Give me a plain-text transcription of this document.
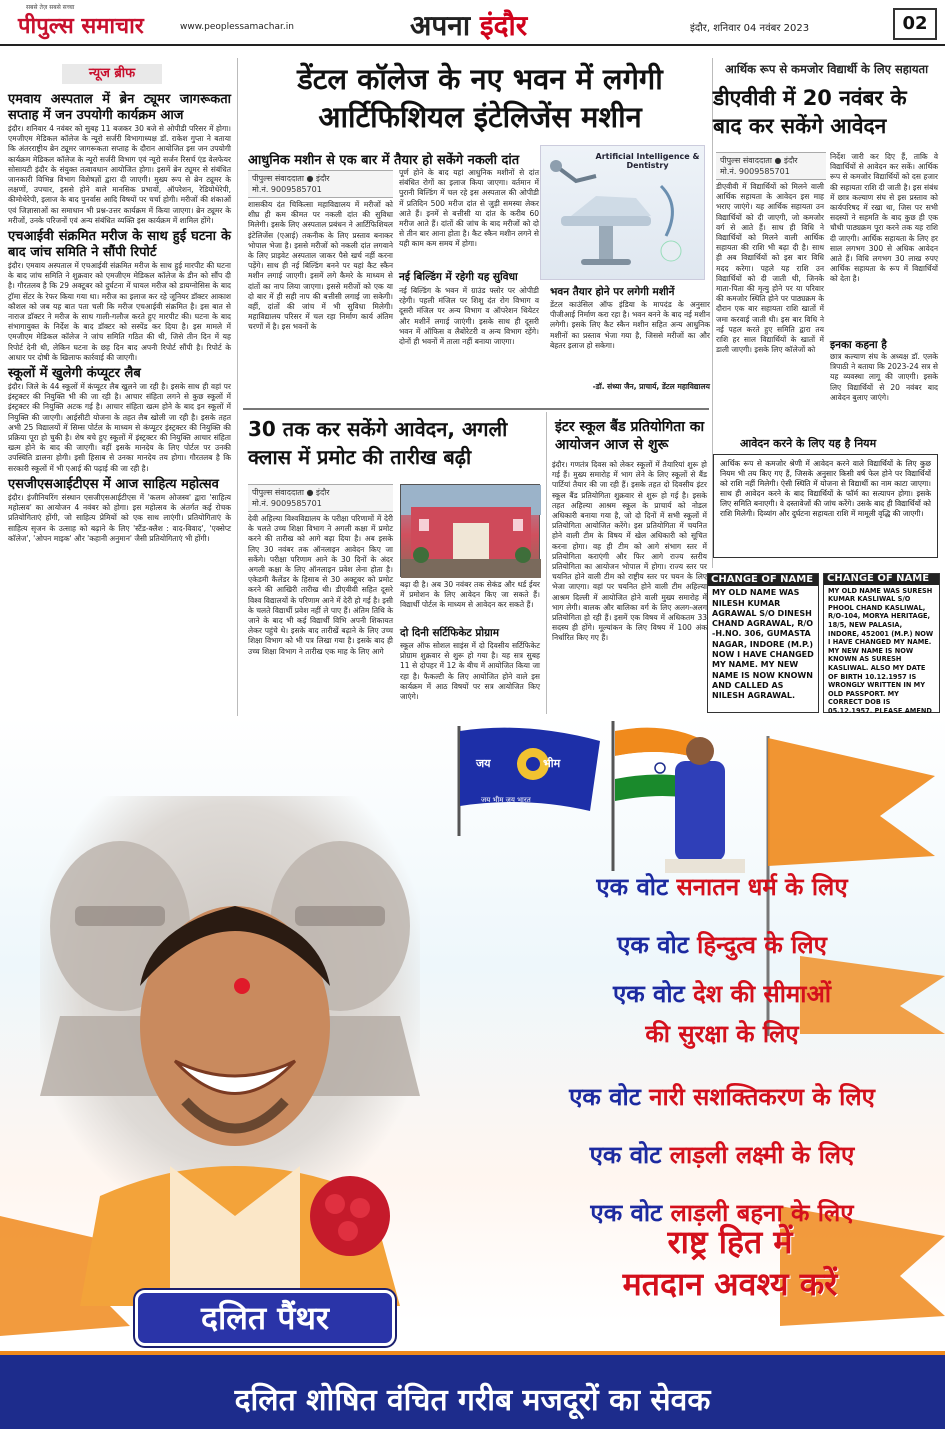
सबसे तेज़ सबसे सच्चा
पीपुल्स समाचार	www.peoplessamachar.in	अपना इंदौर	इंदौर, शनिवार 04 नवंबर 2023	02
न्यूज ब्रीफ
एमवाय अस्पताल में ब्रेन ट्यूमर जागरूकता सप्ताह में जन उपयोगी कार्यक्रम आज

इंदौर। शनिवार 4 नवंबर को सुबह 11 बजकर 30 बजे से ओपीडी परिसर में होगा। एमजीएम मेडिकल कॉलेज के न्यूरो सर्जरी विभागाध्यक्ष डॉ. राकेश गुप्ता ने बताया कि अंतरराष्ट्रीय ब्रेन ट्यूमर जागरूकता सप्ताह के दौरान आयोजित इस जन उपयोगी कार्यक्रम मेडिकल कॉलेज के न्यूरो सर्जरी विभाग एवं न्यूरो सर्जन रिसर्च एंड वेलफेयर सोसायटी इंदौर के संयुक्त तत्वावधान आयोजित होगा। इसमें ब्रेन ट्यूमर से संबंधित जानकारी विभिन्न विभाग विशेषज्ञों द्वारा दी जाएगी। मुख्य रूप से ब्रेन ट्यूमर के लक्षणों, उपचार, इससे होने वाले मानसिक प्रभावों, ऑपरेशन, रेडियोथेरेपी, कीमोथेरेपी, इलाज के बाद पुनर्वास आदि विषयों पर चर्चा होगी। मरीजों की शंकाओं एवं जिज्ञासाओं का समाधान भी प्रश्न-उत्तर कार्यक्रम में किया जाएगा। ब्रेन ट्यूमर के मरीजों, उनके परिजनों एवं अन्य संबंधित व्यक्ति इस कार्यक्रम में शामिल होंगे।

एचआईवी संक्रमित मरीज के साथ हुई घटना के बाद जांच समिति ने सौंपी रिपोर्ट

इंदौर। एमवाय अस्पताल में एचआईवी संक्रमित मरीज के साथ हुई मारपीट की घटना के बाद जांच समिति ने शुक्रवार को एमजीएम मेडिकल कॉलेज के डीन को सौंप दी है। गौरतलब है कि 29 अक्टूबर को दुर्घटना में घायल मरीज को डायग्नोसिस के बाद ट्रॉमा सेंटर के रेफर किया गया था। मरीज का इलाज कर रहे जूनियर डॉक्टर आकाश कौशल को जब यह बात पता चली कि मरीज एचआईवी संक्रमित है। इस बात से नाराज डॉक्टर ने मरीज के साथ गाली-गलौज करते हुए मारपीट की। घटना के बाद संभागायुक्त के निर्देश के बाद डॉक्टर को सस्पेंड कर दिया है। इस मामले में एमजीएम मेडिकल कॉलेज ने जांच समिति गठित की थी, जिसे तीन दिन में यह रिपोर्ट देनी थी, लेकिन घटना के छह दिन बाद अपनी रिपोर्ट सौंपी है। रिपोर्ट के आधार पर दोषी के खिलाफ कार्रवाई की जाएगी।

स्कूलों में खुलेगी कंप्यूटर लैब

इंदौर। जिले के 44 स्कूलों में कंप्यूटर लैब खुलने जा रही है। इसके साथ ही वहां पर इंस्ट्रक्टर की नियुक्ति भी की जा रही है। आचार संहिता लगने से कुछ स्कूलों में इंस्ट्रक्टर की नियुक्ति अटक गई है। आचार संहिता खत्म होने के बाद इन स्कूलों में नियुक्ति की जाएगी। आईसीटी योजना के तहत लैब खोली जा रही है। इसके तहत अभी 25 विद्यालयों में सिम्स पोर्टल के माध्यम से कंप्यूटर इंस्ट्रक्टर की नियुक्ति की प्रक्रिया पूरा हो चुकी है। शेष बचे हुए स्कूलों में इंस्ट्रक्टर की नियुक्ति आचार संहिता खत्म होने के बाद की जाएगी। वहीं इसके मानदेय के लिए पोर्टल पर उनकी उपस्थिति डालना होगी। इसी हिसाब से उनका मानदेय तय होगा। गौरतलब है कि सरकारी स्कूलों में भी एआई की पढ़ाई की जा रही है।

एसजीएसआईटीएस में आज साहित्य महोत्सव

इंदौर। इंजीनियरिंग संस्थान एसजीएसआईटीएस में 'कलम ओजस्व' द्वारा 'साहित्य महोत्सव' का आयोजन 4 नवंबर को होगा। इस महोत्सव के अंतर्गत कई रोचक प्रतियोगिताएं होंगी, जो साहित्य प्रेमियों को एक साथ लाएंगी। प्रतियोगिताएं के साहित्य सृजन के उत्साह को बढ़ाने के लिए 'स्टैंड-क्लैश : वाद-विवाद', 'एक्सेप्ट कॉलेज', 'ओपन माइक' और 'कहानी अनुमान' जैसी प्रतियोगिताएं भी होंगी।

डेंटल कॉलेज के नए भवन में लगेगी आर्टिफिशियल इंटेलिजेंस मशीन
आधुनिक मशीन से एक बार में तैयार हो सकेंगे नकली दांत
पीपुल्स संवाददाता ● इंदौर
मो.नं. 9009585701
शासकीय दंत चिकित्सा महाविद्यालय में मरीजों को शीघ्र ही कम कीमत पर नकली दांत की सुविधा मिलेगी। इसके लिए अस्पताल प्रबंधन ने आर्टिफिशियल इंटेलिजेंस (एआई) तकनीक के लिए प्रस्ताव बनाकर भोपाल भेजा है। इससे मरीजों को नकली दांत लगवाने के लिए प्राइवेट अस्पताल जाकर पैसे खर्च नहीं करना पड़ेंगे। साथ ही नई बिल्डिंग बनने पर यहां कैट स्कैन मशीन लगाई जाएगी। इसमें लगे कैमरे के माध्यम से दांतों का नाप लिया जाएगा। इससे मरीजों को एक या दो बार में ही सही नाप की बत्तीसी लगाई जा सकेगी। वहीं, दांतों की जांच में भी सुविधा मिलेगी। महाविद्यालय परिसर में चल रहा निर्माण कार्य अंतिम चरणों में है। इस भवनों के
पूर्ण होने के बाद यहां आधुनिक मशीनों से दांत संबंधित रोगों का इलाज किया जाएगा। वर्तमान में पुरानी बिल्डिंग में चल रहे इस अस्पताल की ओपीडी में प्रतिदिन 500 मरीज दांत से जुड़ी समस्या लेकर आते हैं। इनमें से बत्तीसी या दांत के करीब 60 मरीज आते हैं। दांतों की जांच के बाद मरीजों को दो से तीन बार आना होता है। कैट स्कैन मशीन लगने से यही काम कम समय में होगा।
नई बिल्डिंग में रहेगी यह सुविधा
नई बिल्डिंग के भवन में ग्राउंड फ्लोर पर ओपीडी रहेगी। पहली मंजिल पर शिशु दंत रोग विभाग व दूसरी मंजिल पर अन्य विभाग व ऑपरेशन थियेटर और मशीनें लगाई जाएंगी। इसके साथ ही दूसरी भवन में ऑफिस व लैबोरेटरी व अन्य विभाग रहेंगे। दोनों ही भवनों में ताला नहीं बनाया जाएगा।
Artificial Intelligence & Dentistry
भवन तैयार होने पर लगेगी मशीनें
डेंटल काउंसिल ऑफ इंडिया के मापदंड के अनुसार पीजीआई निर्माण करा रहा है। भवन बनने के बाद नई मशीन लगेगी। इसके लिए कैट स्कैन मशीन सहित अन्य आधुनिक मशीनों का प्रस्ताव भेजा गया है, जिससे मरीजों का और बेहतर इलाज हो सकेगा।
-डॉ. संध्या जैन, प्राचार्य, डेंटल महाविद्यालय
आर्थिक रूप से कमजोर विद्यार्थी के लिए सहायता
डीएवीवी में 20 नवंबर के बाद कर सकेंगे आवेदन
पीपुल्स संवाददाता ● इंदौर
मो.नं. 9009585701
डीएवीवी में विद्यार्थियों को मिलने वाली आर्थिक सहायता के आवेदन इस माह भराए जाएंगे। यह आर्थिक सहायता उन विद्यार्थियों को दी जाएगी, जो कमजोर वर्ग से आते हैं। साथ ही विधि ने विद्यार्थियों को मिलने वाली आर्थिक सहायता की राशि भी बढ़ा दी है। साथ ही अब विद्यार्थियों को इस बार विधि मदद करेगा। पहले यह राशि उन विद्यार्थियों को दी जाती थी, जिनके माता-पिता की मृत्यु होने पर या परिवार की कमजोर स्थिति होने पर पाठ्यक्रम के दौरान एक बार सहायता राशि खातों में जमा करवाई जाती थी। इस बार विधि ने नई पहल करते हुए समिति द्वारा तय राशि हर साल विद्यार्थियों के खातों में डाली जाएगी। इसके लिए कॉलेजों को
निर्देश जारी कर दिए हैं, ताकि वे विद्यार्थियों से आवेदन कर सकें। आर्थिक रूप से कमजोर विद्यार्थियों को दस हजार की सहायता राशि दी जाती है। इस संबंध में छात्र कल्याण संघ से इस प्रस्ताव को कार्यपरिषद में रखा था, जिस पर सभी सदस्यों ने सहमति के बाद कुछ ही एक चौथी पाठ्यक्रम पूरा करने तक यह राशि दी जाएगी। आर्थिक सहायता के लिए हर साल लगभग 300 से अधिक आवेदन आते हैं। विधि लगभग 30 लाख रुपए आर्थिक सहायता के रूप में विद्यार्थियों को देता है।
इनका कहना है
छात्र कल्याण संघ के अध्यक्ष डॉ. एलके त्रिपाठी ने बताया कि 2023-24 सत्र से यह व्यवस्था लागू की जाएगी। इसके लिए विद्यार्थियों से 20 नवंबर बाद आवेदन बुलाए जाएंगे।
आवेदन करने के लिए यह है नियम
आर्थिक रूप से कमजोर श्रेणी में आवेदन करने वाले विद्यार्थियों के लिए कुछ नियम भी तय किए गए हैं, जिसके अनुसार किसी वर्ष फेल होने पर विद्यार्थियों को राशि नहीं मिलेगी। ऐसी स्थिति में योजना से विद्यार्थी का नाम काटा जाएगा। साथ ही आवेदन करने के बाद विद्यार्थियों के फॉर्म का सत्यापन होगा। इसके लिए समिति बनाएगी। वे दस्तावेजों की जांच करेंगे। उसके बाद ही विद्यार्थियों को राशि मिलेगी। दिव्यांग और दुर्घटना सहायता राशि में मामूली वृद्धि की जाएगी।
30 तक कर सकेंगे आवेदन, अगली क्लास में प्रमोट की तारीख बढ़ी
पीपुल्स संवाददाता ● इंदौर
मो.नं. 9009585701
देवी अहिल्या विश्वविद्यालय के परीक्षा परिणामों में देरी के चलते उच्च शिक्षा विभाग ने अगली कक्षा में प्रमोट करने की तारीख को आगे बढ़ा दिया है। अब इसके लिए 30 नवंबर तक ऑनलाइन आवेदन किए जा सकेंगे। परीक्षा परिणाम आने के 30 दिनों के अंदर अगली कक्षा के लिए ऑनलाइन प्रवेश लेना होता है। एकेडमी कैलेंडर के हिसाब से 30 अक्टूबर को प्रमोट करने की आखिरी तारीख थी। डीएवीवी सहित दूसरे विश्व विद्यालयों के परिणाम आने में देरी हो गई है। इसी के चलते विद्यार्थी प्रवेश नहीं ले पाए हैं। अंतिम तिथि के जाने के बाद भी कई विद्यार्थी विभि अपनी शिकायत लेकर पहुंचे थे। इसके बाद तारीखें बढ़ाने के लिए उच्च शिक्षा विभाग को भी पत्र लिखा गया है। इसके बाद ही उच्च शिक्षा विभाग ने तारीख एक माह के लिए आगे
बढ़ा दी है। अब 30 नवंबर तक सेकंड और थर्ड ईयर में प्रमोशन के लिए आवेदन किए जा सकते हैं। विद्यार्थी पोर्टल के माध्यम से आवेदन कर सकते हैं।
दो दिनी सर्टिफिकेट प्रोग्राम
स्कूल ऑफ सोशल साइंस में दो दिवसीय सर्टिफिकेट प्रोग्राम शुक्रवार से शुरू हो गया है। यह सत्र सुबह 11 से दोपहर में 12 के बीच में आयोजित किया जा रहा है। फैकल्टी के लिए आयोजित होने वाले इस कार्यक्रम में आठ विषयों पर सत्र आयोजित किए जाएंगे।
इंटर स्कूल बैंड प्रतियोगिता का आयोजन आज से शुरू
इंदौर। गणतंत्र दिवस को लेकर स्कूलों में तैयारियां शुरू हो गई हैं। मुख्य समारोह में भाग लेने के लिए स्कूलों से बैंड पार्टियां तैयार की जा रही हैं। इसके तहत दो दिवसीय इंटर स्कूल बैंड प्रतियोगिता शुक्रवार से शुरू हो गई है। इसके तहत अहिल्या आश्रम स्कूल के प्राचार्य को नोडल अधिकारी बनाया गया है, जो दो दिनों में सभी स्कूलों में प्रतियोगिता आयोजित करेंगे। इस प्रतियोगिता में चयनित होने वाली टीम के विषय में खेल अधिकारी को सूचित करना होगा। वह ही टीम को आगे संभाग स्तर में प्रतियोगिता कराएंगी और फिर आगे राज्य स्तरीय प्रतियोगिता का आयोजन भोपाल में होगा। राज्य स्तर पर चयनित होने वाली टीम को राष्ट्रीय स्तर पर चयन के लिए भेजा जाएगा। वहां पर चयनित होने वाली टीम अहिल्या आश्रम दिल्ली में आयोजित होने वाली मुख्य समारोह में भाग लेगी। बालक और बालिका वर्ग के लिए अलग-अलग प्रतियोगिता हो रही हैं। इसमें एक विषय में अधिकतम 33 सदस्य ही होंगे। मूल्यांकन के लिए विषय में 100 अंक निर्धारित किए गए हैं।
CHANGE OF NAME
MY OLD NAME WAS NILESH KUMAR AGRAWAL S/O DINESH CHAND AGRAWAL, R/O -H.NO. 306, GUMASTA NAGAR, INDORE (M.P.) NOW I HAVE CHANGED MY NAME. MY NEW NAME IS NOW KNOWN AND CALLED AS NILESH AGRAWAL.
CHANGE OF NAME
MY OLD NAME WAS SURESH KUMAR KASLIWAL S/O PHOOL CHAND KASLIWAL, R/O-104, MORYA HERITAGE, 18/5, NEW PALASIA, INDORE, 452001 (M.P.) NOW I HAVE CHANGED MY NAME. MY NEW NAME IS NOW KNOWN AS SURESH KASLIWAL. ALSO MY DATE OF BIRTH 10.12.1957 IS WRONGLY WRITTEN IN MY OLD PASSPORT. MY CORRECT DOB IS 05.12.1957. PLEASE AMEND
जय	भीम
जय भीम जय भारत
एक वोट सनातन धर्म के लिए
एक वोट हिन्दुत्व के लिए
एक वोट देश की सीमाओं
की सुरक्षा के लिए
एक वोट नारी सशक्तिकरण के लिए
एक वोट लाड़ली लक्ष्मी के लिए
एक वोट लाड़ली बहना के लिए
राष्ट्र हित में
मतदान अवश्य करें
दलित पैंथर
दलित शोषित वंचित गरीब मजदूरों का सेवक
